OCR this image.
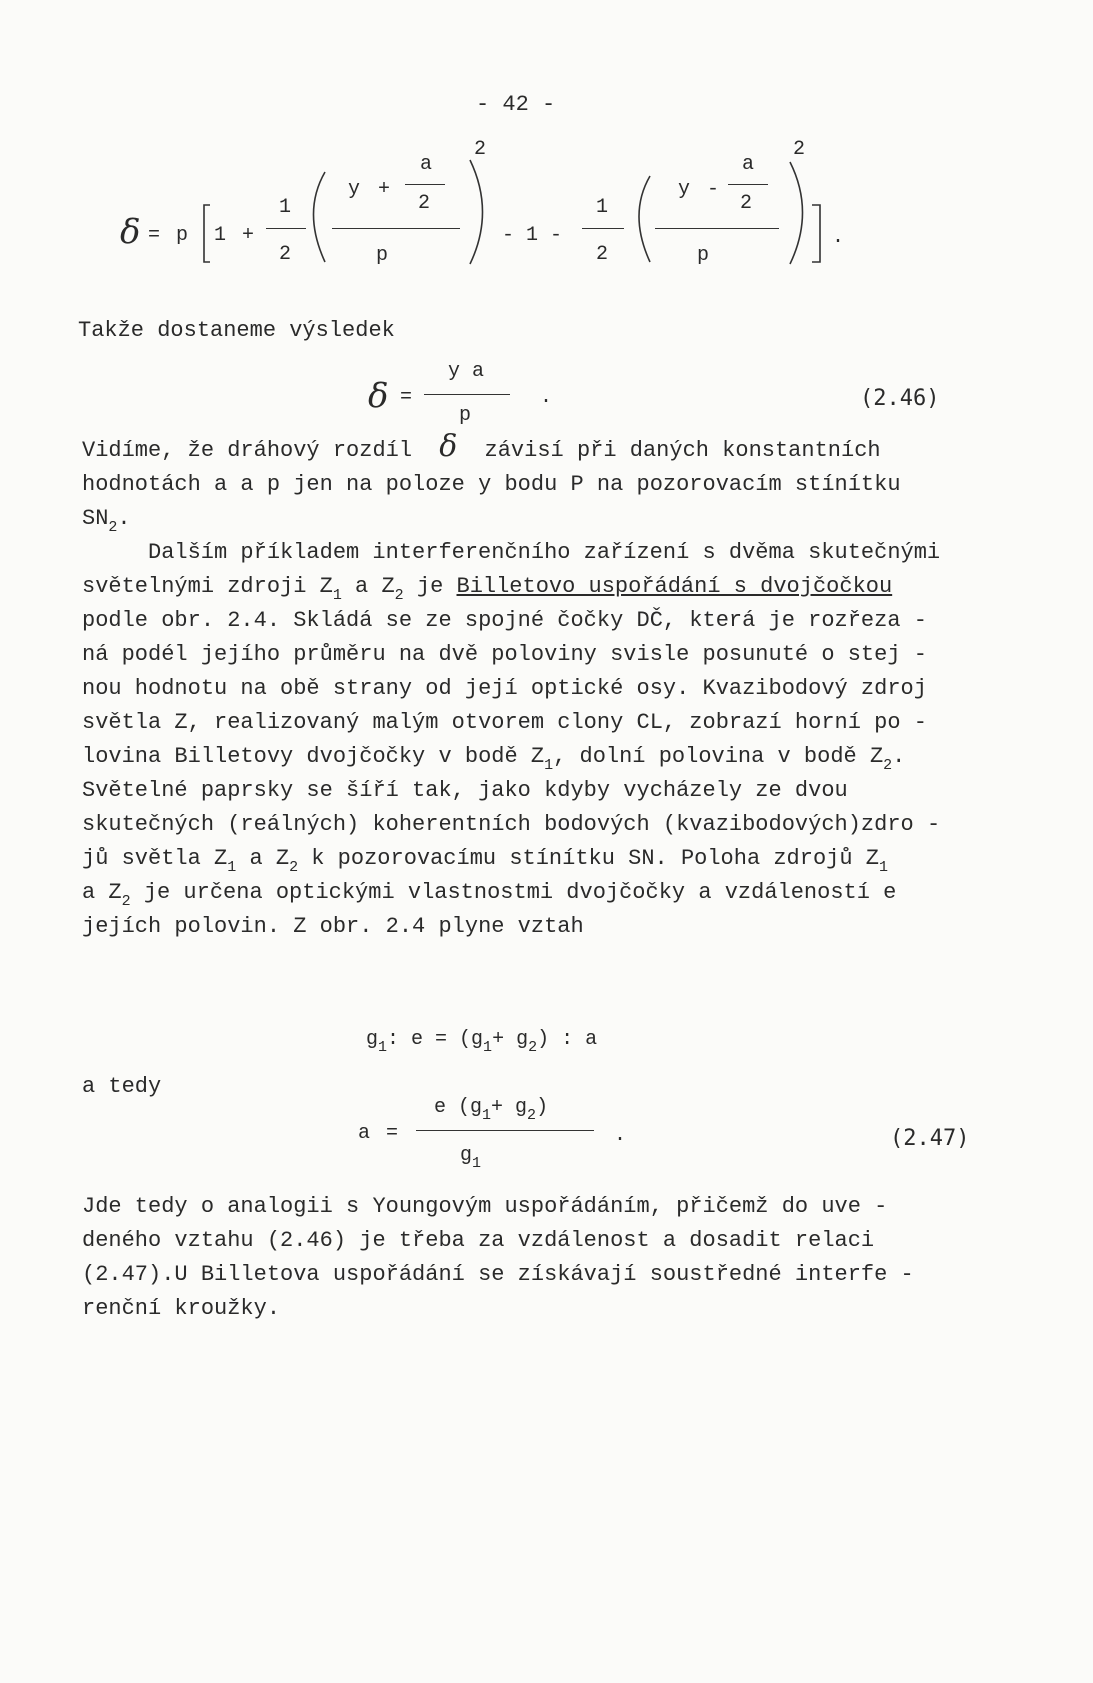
- 42 -
δ = p 1 +
1
2
y +
a
2
p
2
- 1 -
1
2
y -
a
2
p
2
.
Takže dostaneme výsledek
δ =
y a
p
.	(2.46)
Vidíme, že dráhový rozdíl δ závisí při daných konstantních
hodnotách a a p jen na poloze y bodu P na pozorovacím stínítku
$SN_2$.
Dalším příkladem interferenčního zařízení s dvěma skutečnými
světelnými zdroji $Z_1$ a $Z_2$ je Billetovo uspořádání s dvojčočkou
podle obr. 2.4. Skládá se ze spojné čočky DČ, která je rozřeza -
ná podél jejího průměru na dvě poloviny svisle posunuté o stej -
nou hodnotu na obě strany od její optické osy. Kvazibodový zdroj
světla Z, realizovaný malým otvorem clony CL, zobrazí horní po -
lovina Billetovy dvojčočky v bodě $Z_1$, dolní polovina v bodě $Z_2$.
Světelné paprsky se šíří tak, jako kdyby vycházely ze dvou
skutečných (reálných) koherentních bodových (kvazibodových)zdro -
jů světla $Z_1$ a $Z_2$ k pozorovacímu stínítku SN. Poloha zdrojů $Z_1$
a $Z_2$ je určena optickými vlastnostmi dvojčočky a vzdáleností e
jejích polovin. Z obr. 2.4 plyne vztah
$g_1$: $e = (g_1+ g_2)$ : a
a tedy
a =
e $(g_1+ g_2)$
$g_1$
.	(2.47)
Jde tedy o analogii s Youngovým uspořádáním, přičemž do uve -
deného vztahu (2.46) je třeba za vzdálenost a dosadit relaci
(2.47).U Billetova uspořádání se získávají soustředné interfe -
renční kroužky.
